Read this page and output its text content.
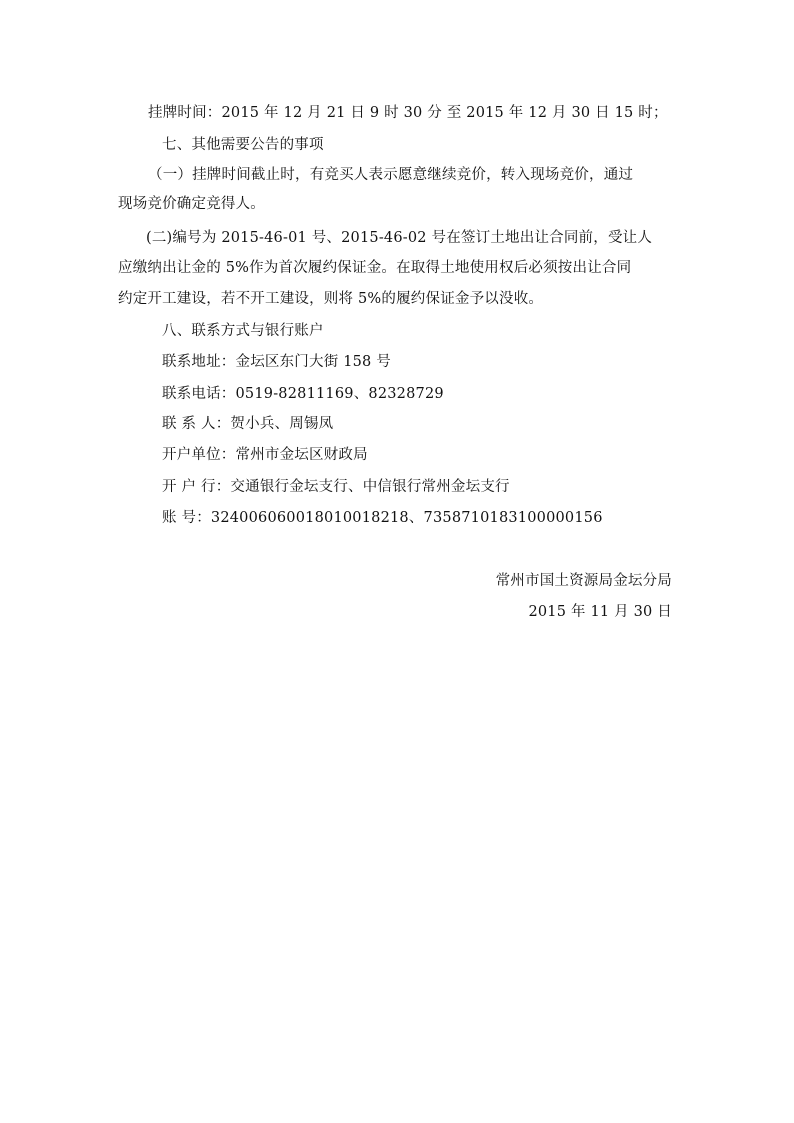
挂牌时间：2015 年 12 月 21 日 9 时 30 分 至 2015 年 12 月 30 日 15 时；
七、其他需要公告的事项
（一）挂牌时间截止时，有竞买人表示愿意继续竞价，转入现场竞价，通过
现场竞价确定竞得人。
(二)编号为 2015-46-01 号、2015-46-02 号在签订土地出让合同前，受让人
应缴纳出让金的 5%作为首次履约保证金。在取得土地使用权后必须按出让合同
约定开工建设，若不开工建设，则将 5%的履约保证金予以没收。
八、联系方式与银行账户
联系地址：金坛区东门大街 158 号
联系电话：0519-82811169、82328729
联 系 人：贺小兵、周锡凤
开户单位：常州市金坛区财政局
开 户 行：交通银行金坛支行、中信银行常州金坛支行
账 号：32400606001801001821​8、7358710183100000156
常州市国土资源局金坛分局
2015 年 11 月 30 日
